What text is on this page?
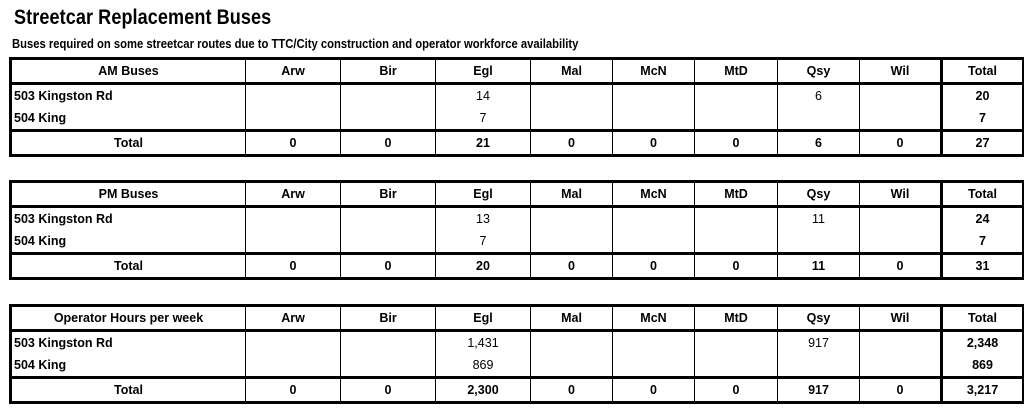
Streetcar Replacement Buses
Buses required on some streetcar routes due to TTC/City construction and operator workforce availability
AM Buses	Arw	Bir	Egl	Mal	McN	MtD	Qsy	Wil	Total
503 Kingston Rd			14				6		20
504 King			7						7
Total	0	0	21	0	0	0	6	0	27
PM Buses	Arw	Bir	Egl	Mal	McN	MtD	Qsy	Wil	Total
503 Kingston Rd			13				11		24
504 King			7						7
Total	0	0	20	0	0	0	11	0	31
Operator Hours per week	Arw	Bir	Egl	Mal	McN	MtD	Qsy	Wil	Total
503 Kingston Rd			1,431				917		2,348
504 King			869						869
Total	0	0	2,300	0	0	0	917	0	3,217
